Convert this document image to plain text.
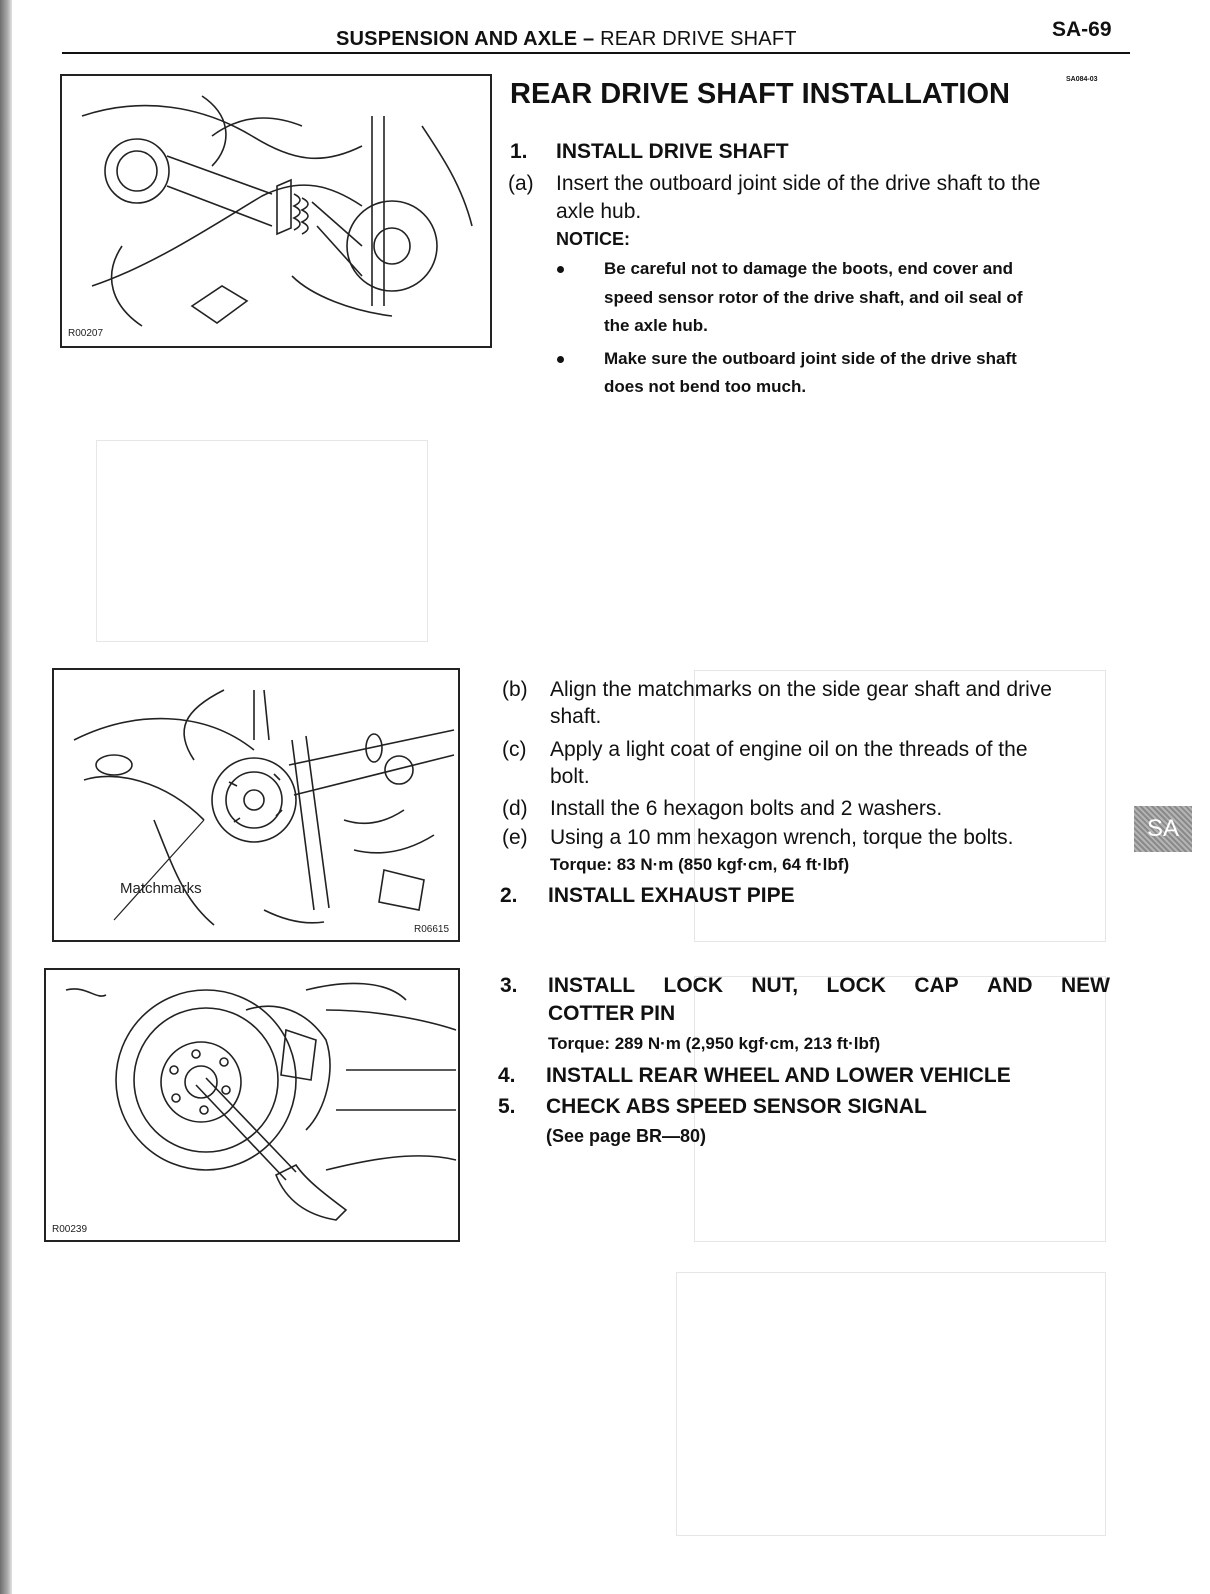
SUSPENSION AND AXLE – REAR DRIVE SHAFT	SA-69
R00207
SA084-03
REAR DRIVE SHAFT INSTALLATION
1. INSTALL DRIVE SHAFT
(a) Insert the outboard joint side of the drive shaft to the
axle hub.
NOTICE:
Be careful not to damage the boots, end cover and
speed sensor rotor of the drive shaft, and oil seal of
the axle hub.
Make sure the outboard joint side of the drive shaft
does not bend too much.
Matchmarks
R06615
(b) Align the matchmarks on the side gear shaft and drive
shaft.
(c) Apply a light coat of engine oil on the threads of the
bolt.
(d) Install the 6 hexagon bolts and 2 washers.
(e) Using a 10 mm hexagon wrench, torque the bolts.
Torque: 83 N·m (850 kgf·cm, 64 ft·lbf)
2. INSTALL EXHAUST PIPE
SA
R00239
3. INSTALL LOCK NUT, LOCK CAP AND NEW
COTTER PIN
Torque: 289 N·m (2,950 kgf·cm, 213 ft·lbf)
4. INSTALL REAR WHEEL AND LOWER VEHICLE
5. CHECK ABS SPEED SENSOR SIGNAL
(See page BR—80)
